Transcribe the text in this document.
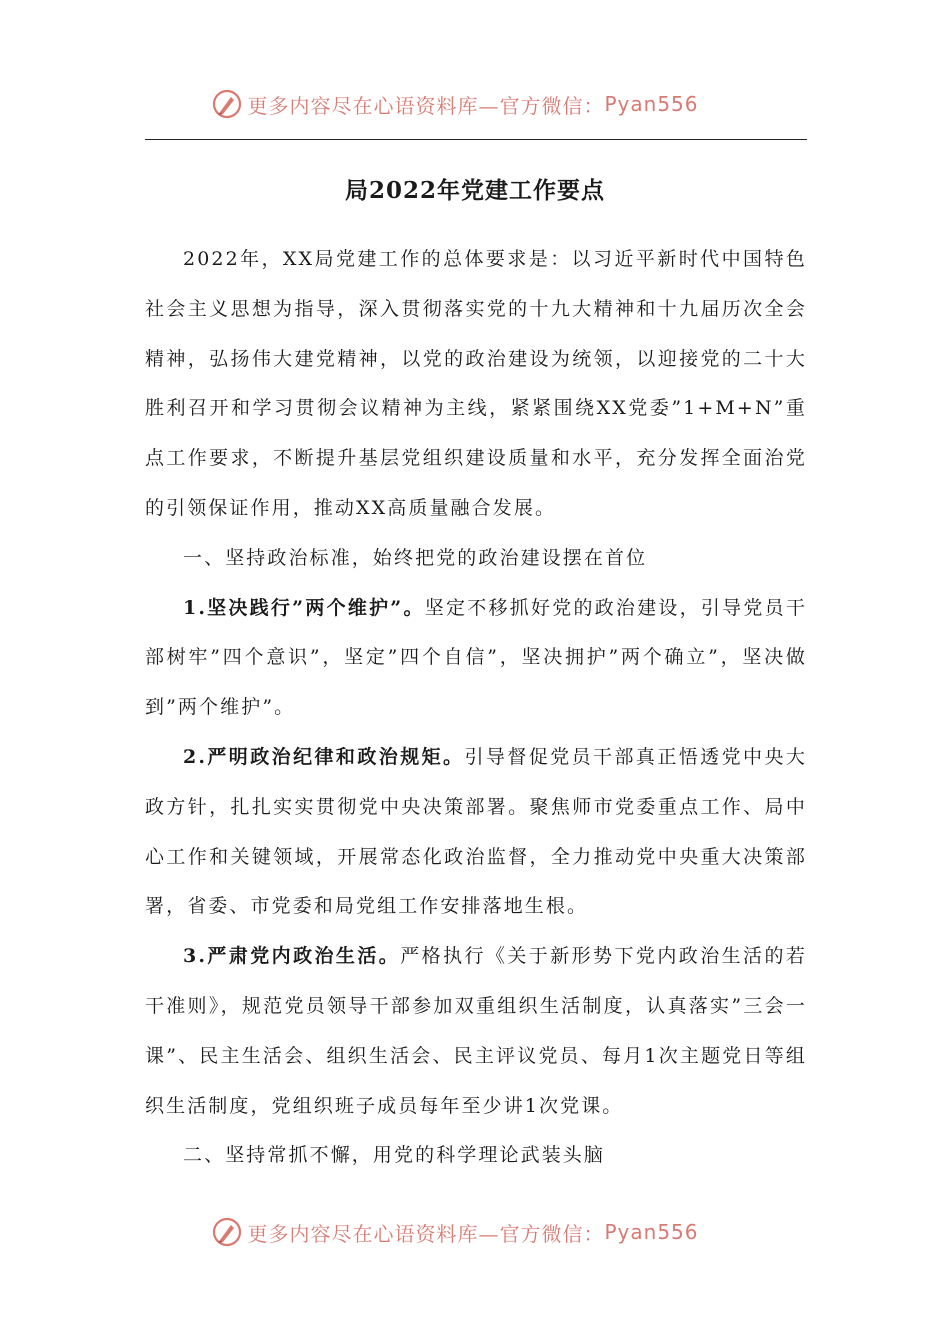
更多内容尽在心语资料库—官方微信： Pyan556
局2022年党建工作要点

2022年，XX局党建工作的总体要求是：以习近平新时代中国特色社会主义思想为指导，深入贯彻落实党的十九大精神和十九届历次全会精神，弘扬伟大建党精神，以党的政治建设为统领，以迎接党的二十大胜利召开和学习贯彻会议精神为主线，紧紧围绕XX党委”1+M+N”重点工作要求，不断提升基层党组织建设质量和水平，充分发挥全面治党的引领保证作用，推动XX高质量融合发展。

一、坚持政治标准，始终把党的政治建设摆在首位

1.坚决践行”两个维护”。坚定不移抓好党的政治建设，引导党员干部树牢”四个意识”，坚定”四个自信”，坚决拥护”两个确立”，坚决做到”两个维护”。

2.严明政治纪律和政治规矩。引导督促党员干部真正悟透党中央大政方针，扎扎实实贯彻党中央决策部署。聚焦师市党委重点工作、局中心工作和关键领域，开展常态化政治监督，全力推动党中央重大决策部署，省委、市党委和局党组工作安排落地生根。

3.严肃党内政治生活。严格执行《关于新形势下党内政治生活的若干准则》，规范党员领导干部参加双重组织生活制度，认真落实”三会一课”、民主生活会、组织生活会、民主评议党员、每月1次主题党日等组织生活制度，党组织班子成员每年至少讲1次党课。

二、坚持常抓不懈，用党的科学理论武装头脑

更多内容尽在心语资料库—官方微信： Pyan556
